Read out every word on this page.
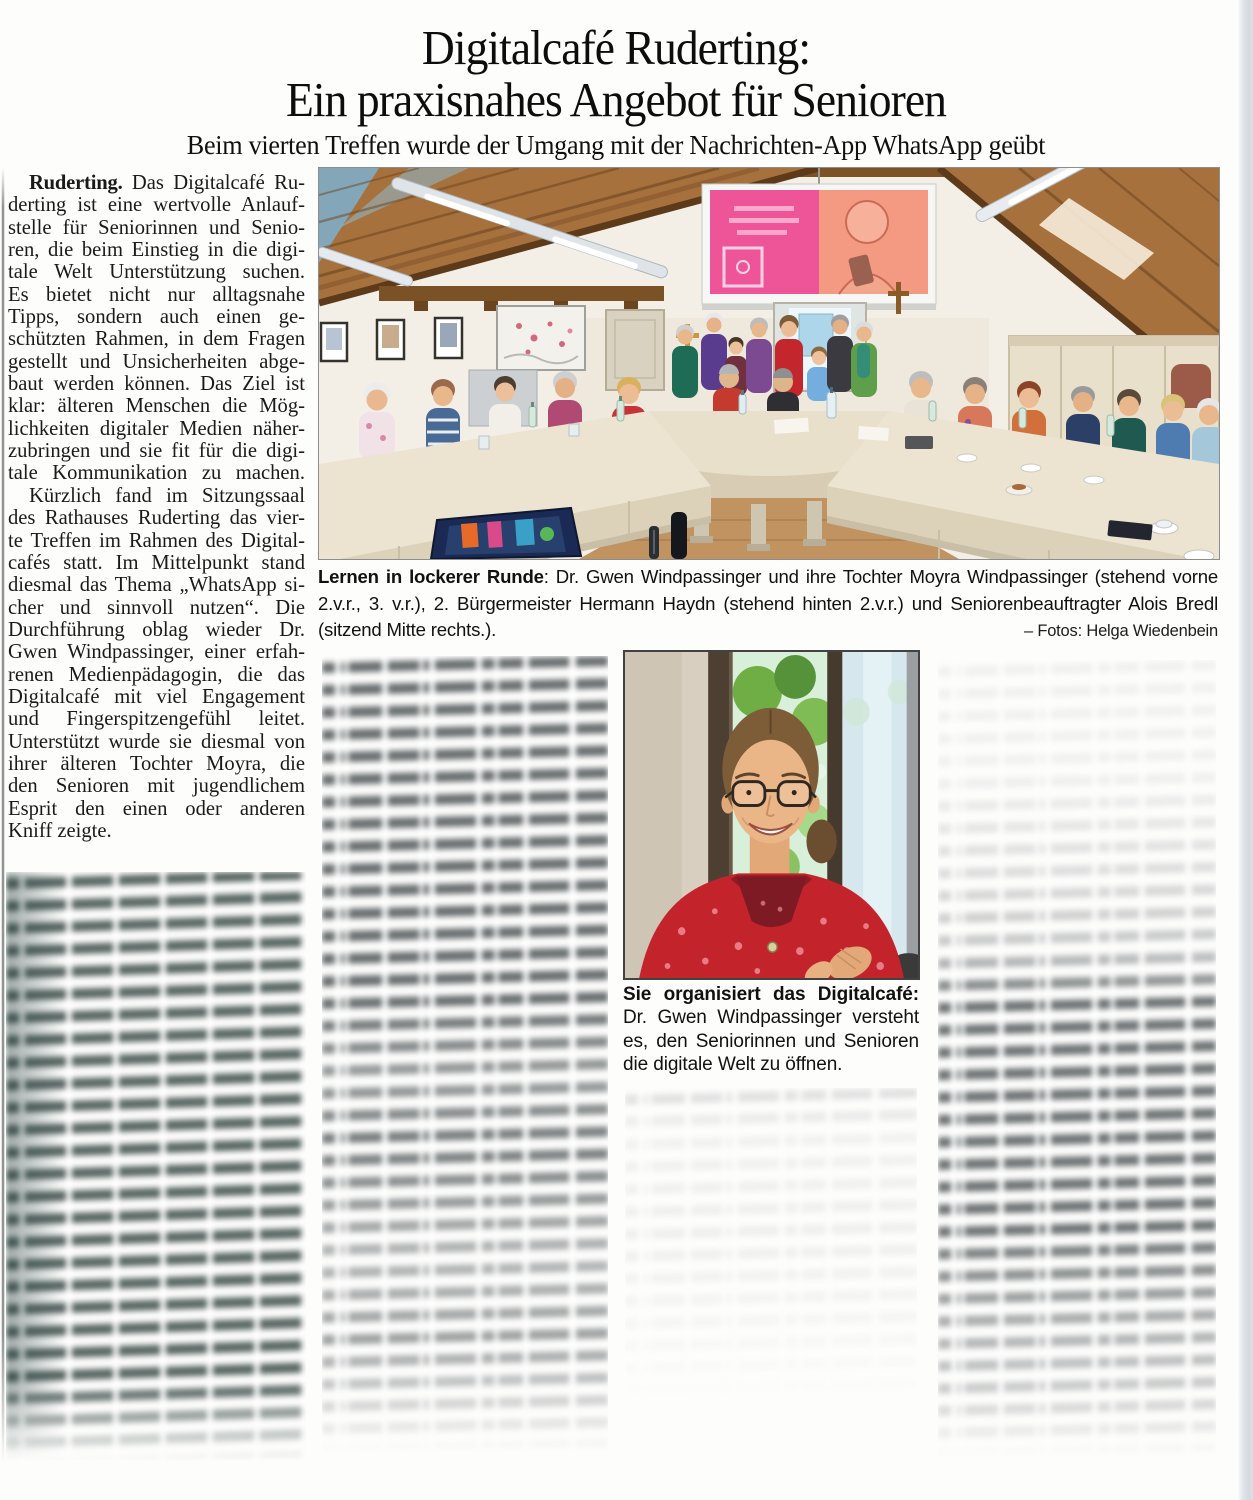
Digitalcafé Ruderting:
Ein praxisnahes Angebot für Senioren
Beim vierten Treffen wurde der Umgang mit der Nachrichten-App WhatsApp geübt
Ruderting. Das Digitalcafé Ru-
derting ist eine wertvolle Anlauf-
stelle für Seniorinnen und Senio-
ren, die beim Einstieg in die digi-
tale Welt Unterstützung suchen.
Es bietet nicht nur alltagsnahe
Tipps, sondern auch einen ge-
schützten Rahmen, in dem Fragen
gestellt und Unsicherheiten abge-
baut werden können. Das Ziel ist
klar: älteren Menschen die Mög-
lichkeiten digitaler Medien näher-
zubringen und sie fit für die digi-
tale Kommunikation zu machen.
Kürzlich fand im Sitzungssaal
des Rathauses Ruderting das vier-
te Treffen im Rahmen des Digital-
cafés statt. Im Mittelpunkt stand
diesmal das Thema „WhatsApp si-
cher und sinnvoll nutzen“. Die
Durchführung oblag wieder Dr.
Gwen Windpassinger, einer erfah-
renen Medienpädagogin, die das
Digitalcafé mit viel Engagement
und Fingerspitzengefühl leitet.
Unterstützt wurde sie diesmal von
ihrer älteren Tochter Moyra, die
den Senioren mit jugendlichem
Esprit den einen oder anderen
Kniff zeigte.
Lernen in lockerer Runde: Dr. Gwen Windpassinger und ihre Tochter Moyra Windpassinger (stehend vorne
2.v.r., 3. v.r.), 2. Bürgermeister Hermann Haydn (stehend hinten 2.v.r.) und Seniorenbeauftragter Alois Bredl
(sitzend Mitte rechts.).	– Fotos: Helga Wiedenbein
Sie organisiert das Digitalcafé:
Dr. Gwen Windpassinger versteht
es, den Seniorinnen und Senioren
die digitale Welt zu öffnen.
